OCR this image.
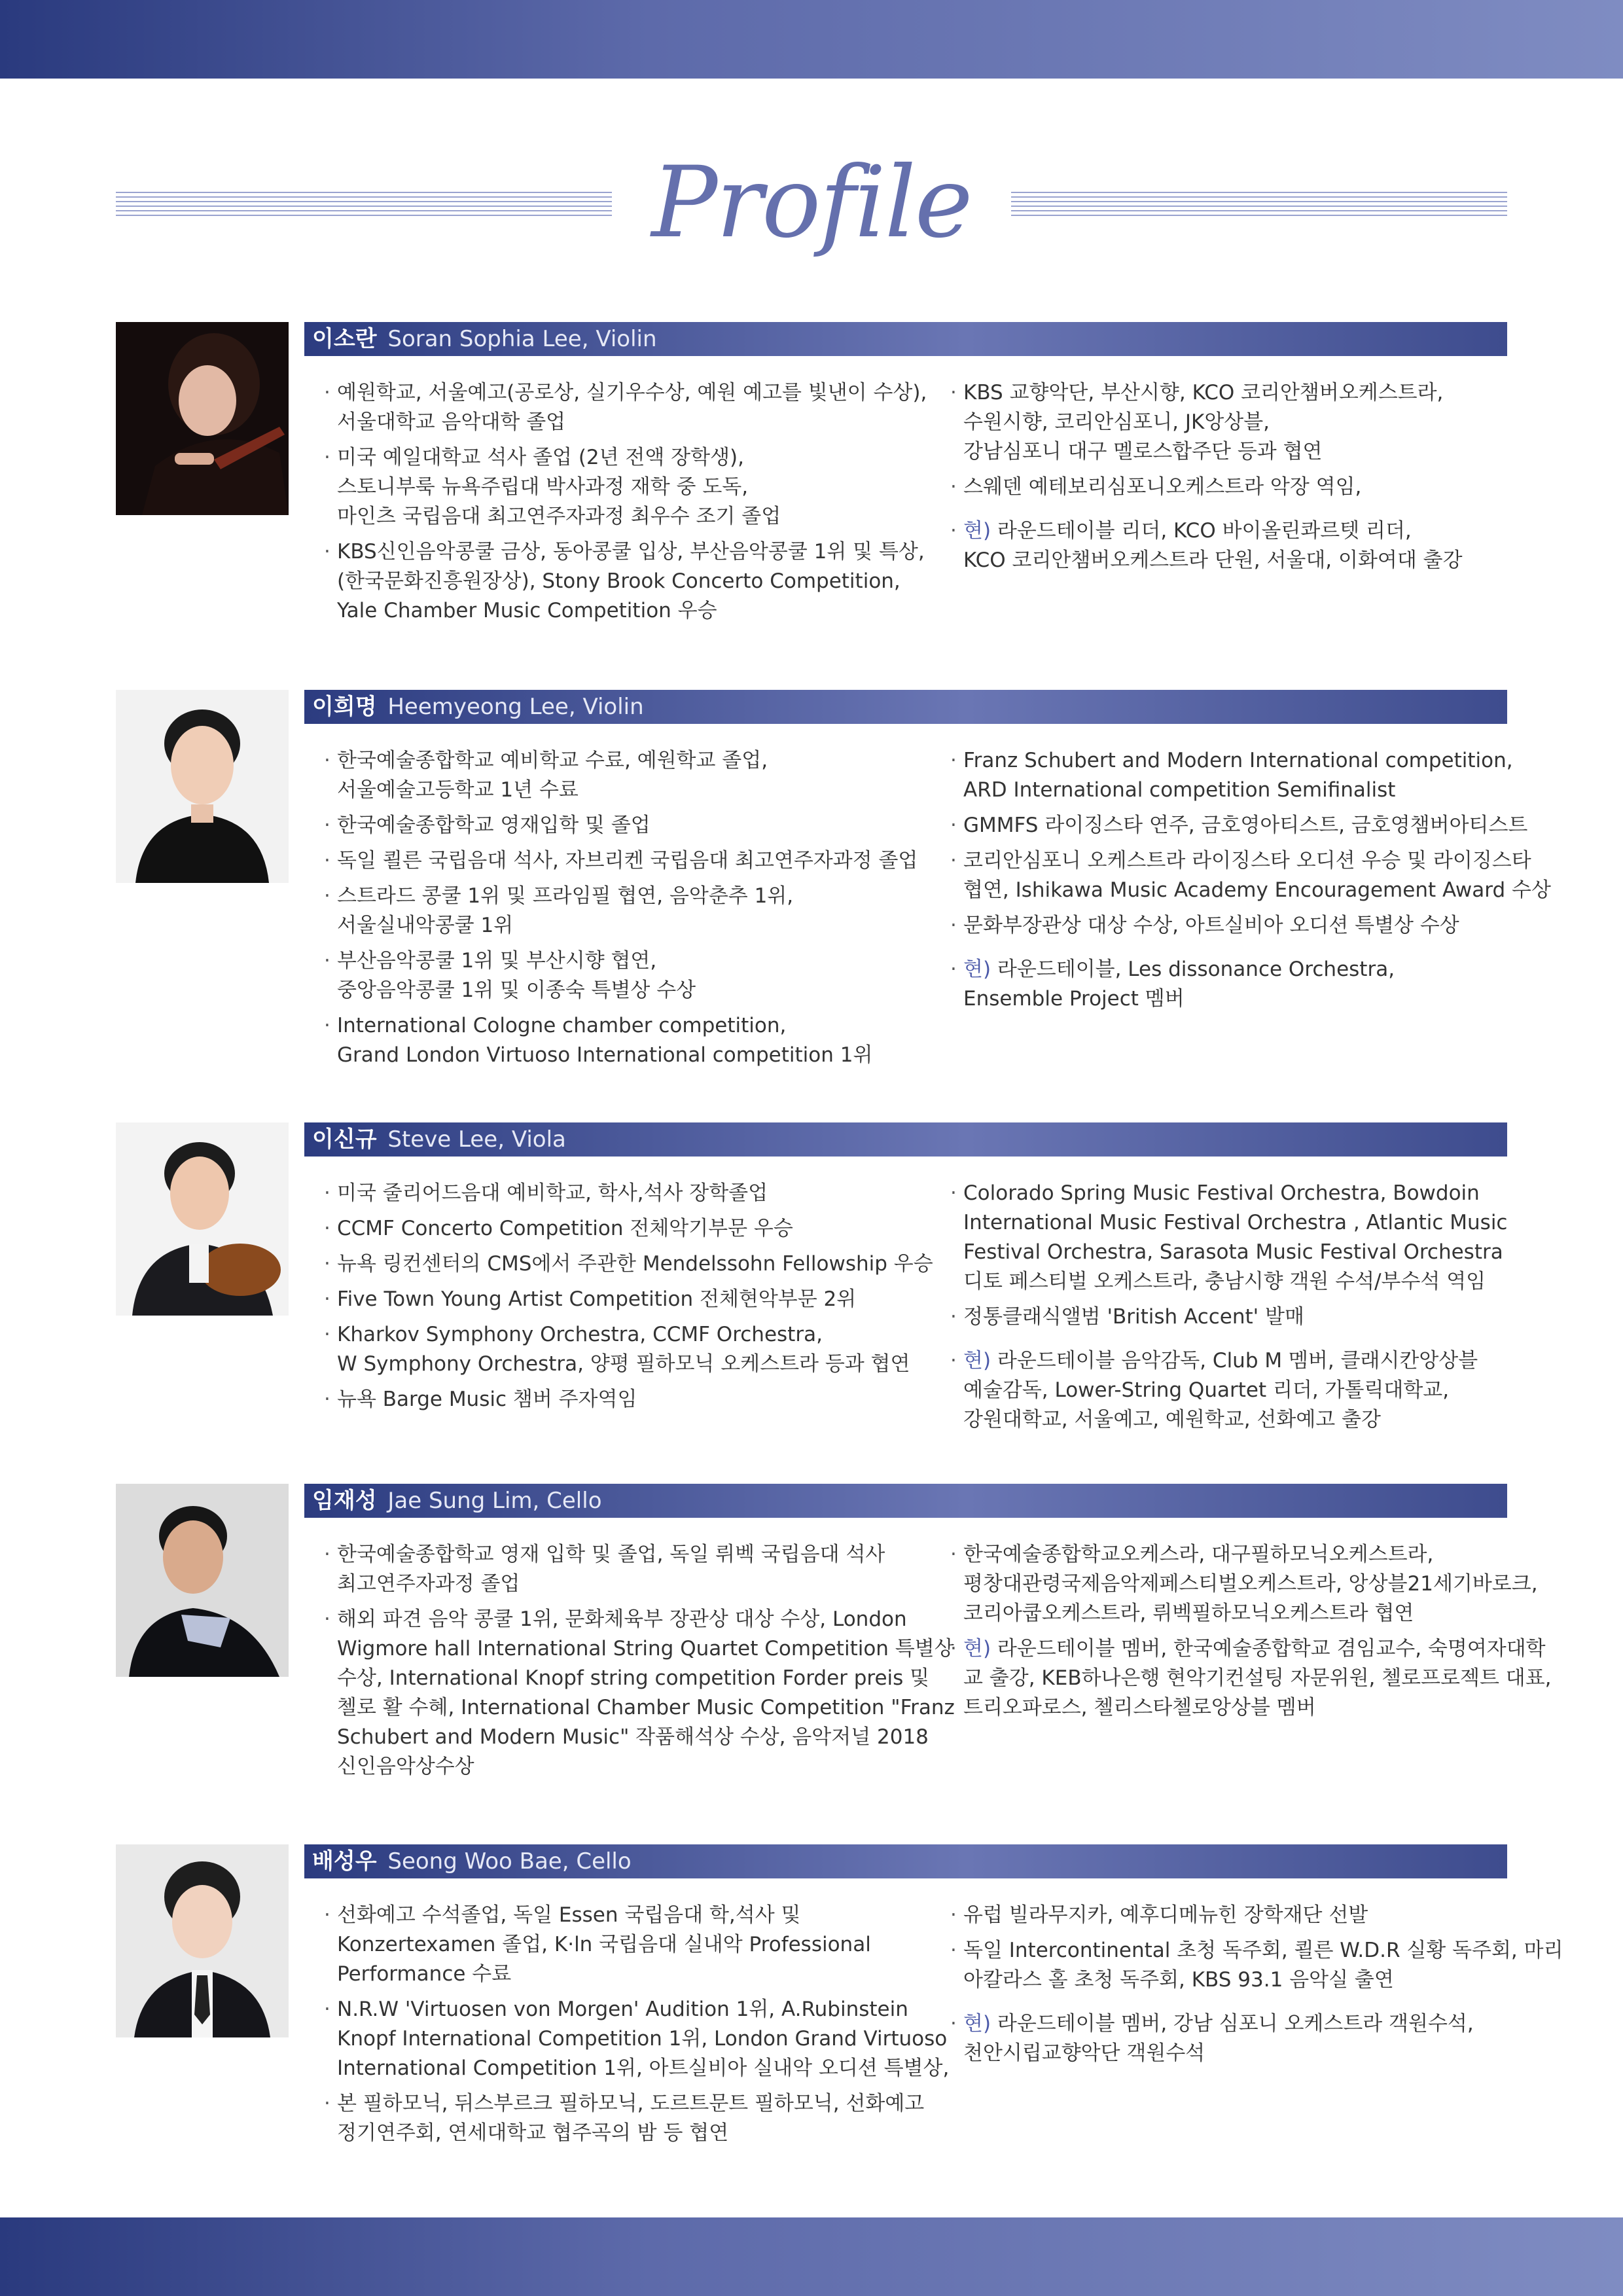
Profile
이소란 Soran Sophia Lee, Violin
· 예원학교, 서울예고(공로상, 실기우수상, 예원 예고를 빛낸이 수상),
서울대학교 음악대학 졸업
· 미국 예일대학교 석사 졸업 (2년 전액 장학생),
스토니부룩 뉴욕주립대 박사과정 재학 중 도독,
마인츠 국립음대 최고연주자과정 최우수 조기 졸업
· KBS신인음악콩쿨 금상, 동아콩쿨 입상, 부산음악콩쿨 1위 및 특상,
(한국문화진흥원장상), Stony Brook Concerto Competition,
Yale Chamber Music Competition 우승
· KBS 교향악단, 부산시향, KCO 코리안챔버오케스트라,
수원시향, 코리안심포니, JK앙상블,
강남심포니 대구 멜로스합주단 등과 협연
· 스웨덴 예테보리심포니오케스트라 악장 역임,
· 현) 라운드테이블 리더, KCO 바이올린콰르텟 리더,
KCO 코리안챔버오케스트라 단원, 서울대, 이화여대 출강
이희명 Heemyeong Lee, Violin
· 한국예술종합학교 예비학교 수료, 예원학교 졸업,
서울예술고등학교 1년 수료
· 한국예술종합학교 영재입학 및 졸업
· 독일 쾰른 국립음대 석사, 자브리켄 국립음대 최고연주자과정 졸업
· 스트라드 콩쿨 1위 및 프라임필 협연, 음악춘추 1위,
서울실내악콩쿨 1위
· 부산음악콩쿨 1위 및 부산시향 협연,
중앙음악콩쿨 1위 및 이종숙 특별상 수상
· International Cologne chamber competition,
Grand London Virtuoso International competition 1위
· Franz Schubert and Modern International competition,
ARD International competition Semifinalist
· GMMFS 라이징스타 연주, 금호영아티스트, 금호영챔버아티스트
· 코리안심포니 오케스트라 라이징스타 오디션 우승 및 라이징스타
협연, Ishikawa Music Academy Encouragement Award 수상
· 문화부장관상 대상 수상, 아트실비아 오디션 특별상 수상
· 현) 라운드테이블, Les dissonance Orchestra,
Ensemble Project 멤버
이신규 Steve Lee, Viola
· 미국 줄리어드음대 예비학교, 학사,석사 장학졸업
· CCMF Concerto Competition 전체악기부문 우승
· 뉴욕 링컨센터의 CMS에서 주관한 Mendelssohn Fellowship 우승
· Five Town Young Artist Competition 전체현악부문 2위
· Kharkov Symphony Orchestra, CCMF Orchestra,
W Symphony Orchestra, 양평 필하모닉 오케스트라 등과 협연
· 뉴욕 Barge Music 챔버 주자역임
· Colorado Spring Music Festival Orchestra, Bowdoin
International Music Festival Orchestra , Atlantic Music
Festival Orchestra, Sarasota Music Festival Orchestra
디토 페스티벌 오케스트라, 충남시향 객원 수석/부수석 역임
· 정통클래식앨범 'British Accent' 발매
· 현) 라운드테이블 음악감독, Club M 멤버, 클래시칸앙상블
예술감독, Lower-String Quartet 리더, 가톨릭대학교,
강원대학교, 서울예고, 예원학교, 선화예고 출강
임재성 Jae Sung Lim, Cello
· 한국예술종합학교 영재 입학 및 졸업, 독일 뤼벡 국립음대 석사
최고연주자과정 졸업
· 해외 파견 음악 콩쿨 1위, 문화체육부 장관상 대상 수상, London
Wigmore hall International String Quartet Competition 특별상
수상, International Knopf string competition Forder preis 및
첼로 활 수혜, International Chamber Music Competition "Franz
Schubert and Modern Music" 작품해석상 수상, 음악저널 2018
신인음악상수상
· 한국예술종합학교오케스라, 대구필하모닉오케스트라,
평창대관령국제음악제페스티벌오케스트라, 앙상블21세기바로크,
코리아쿱오케스트라, 뤼벡필하모닉오케스트라 협연
· 현) 라운드테이블 멤버, 한국예술종합학교 겸임교수, 숙명여자대학
교 출강, KEB하나은행 현악기컨설팅 자문위원, 첼로프로젝트 대표,
트리오파로스, 첼리스타첼로앙상블 멤버
배성우 Seong Woo Bae, Cello
· 선화예고 수석졸업, 독일 Essen 국립음대 학,석사 및
Konzertexamen 졸업, K·ln 국립음대 실내악 Professional
Performance 수료
· N.R.W 'Virtuosen von Morgen' Audition 1위, A.Rubinstein
Knopf International Competition 1위, London Grand Virtuoso
International Competition 1위, 아트실비아 실내악 오디션 특별상,
· 본 필하모닉, 뒤스부르크 필하모닉, 도르트문트 필하모닉, 선화예고
정기연주회, 연세대학교 협주곡의 밤 등 협연
· 유럽 빌라무지카, 예후디메뉴힌 장학재단 선발
· 독일 Intercontinental 초청 독주회, 쾰른 W.D.R 실황 독주회, 마리
아칼라스 홀 초청 독주회, KBS 93.1 음악실 출연
· 현) 라운드테이블 멤버, 강남 심포니 오케스트라 객원수석,
천안시립교향악단 객원수석
